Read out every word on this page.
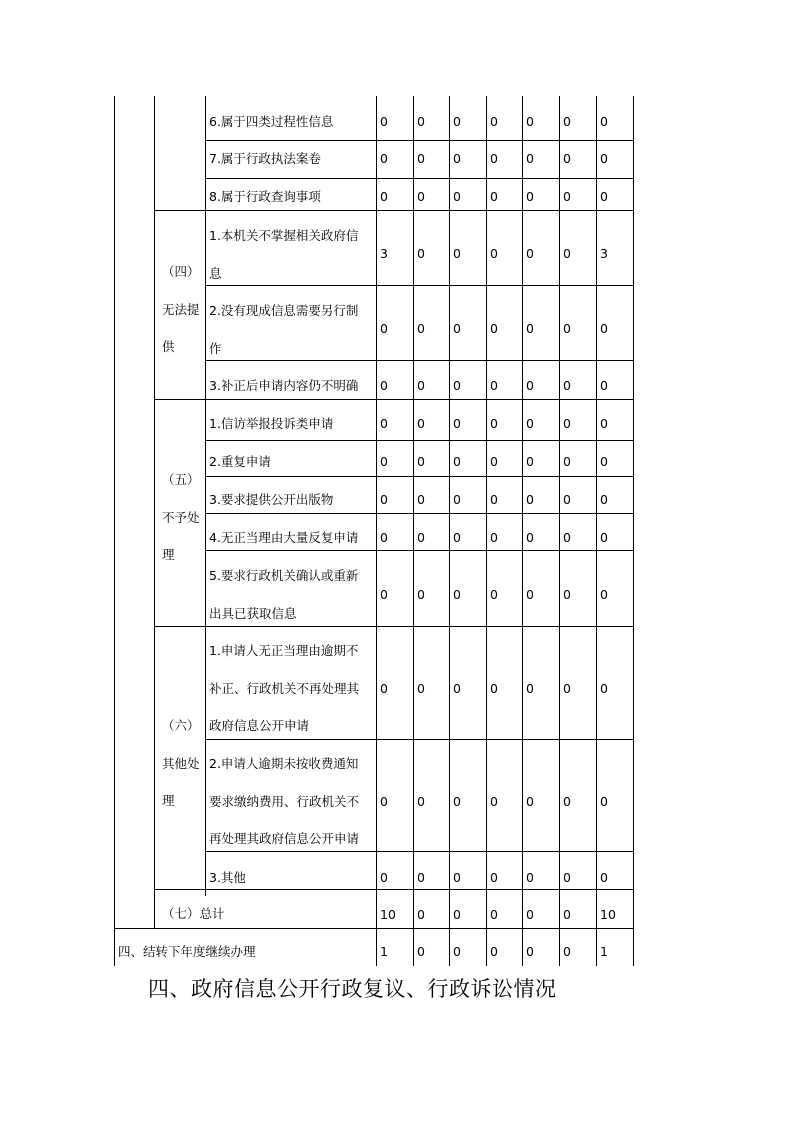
（四）
无法提
供
（五）
不予处
理
（六）
其他处
理
6.属于四类过程性信息
7.属于行政执法案卷
8.属于行政查询事项
1.本机关不掌握相关政府信
息
2.没有现成信息需要另行制
作
3.补正后申请内容仍不明确
1.信访举报投诉类申请
2.重复申请
3.要求提供公开出版物
4.无正当理由大量反复申请
5.要求行政机关确认或重新
出具已获取信息
1.申请人无正当理由逾期不
补正、行政机关不再处理其
政府信息公开申请
2.申请人逾期未按收费通知
要求缴纳费用、行政机关不
再处理其政府信息公开申请
3.其他
（七）总计
四、结转下年度继续办理
0 0 0 0 0 0 0
0 0 0 0 0 0 0
0 0 0 0 0 0 0
3 0 0 0 0 0 3
0 0 0 0 0 0 0
0 0 0 0 0 0 0
0 0 0 0 0 0 0
0 0 0 0 0 0 0
0 0 0 0 0 0 0
0 0 0 0 0 0 0
0 0 0 0 0 0 0
0 0 0 0 0 0 0
0 0 0 0 0 0 0
0 0 0 0 0 0 0
10 0 0 0 0 0 10
1 0 0 0 0 0 1
四、政府信息公开行政复议、行政诉讼情况
